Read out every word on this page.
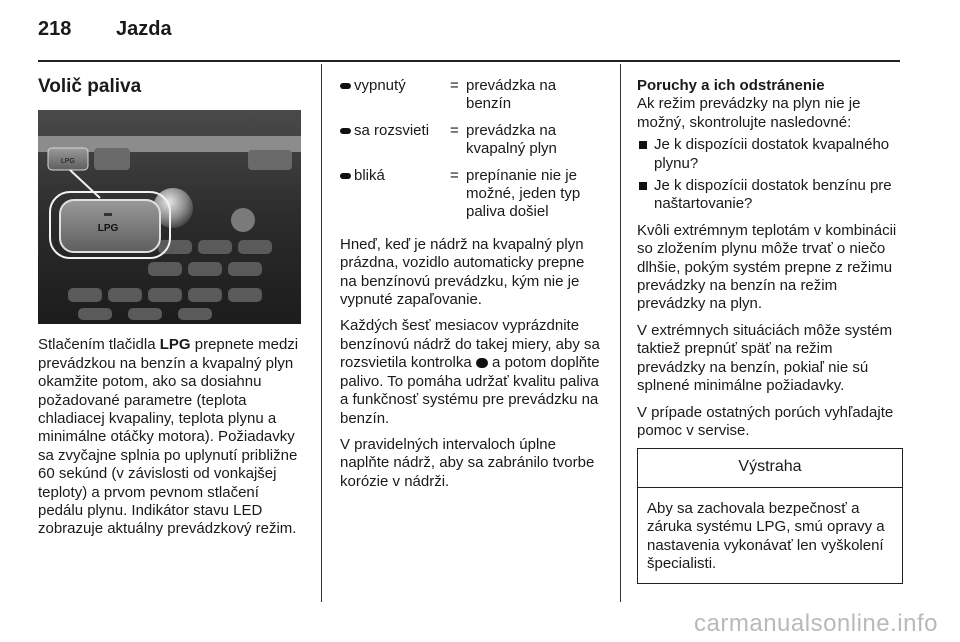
218 Jazda

Volič paliva

LPG
LPG

Stlačením tlačidla LPG prepnete medzi prevádzkou na benzín a kvapalný plyn okamžite potom, ako sa dosiahnu požadované parametre (teplota chladiacej kvapaliny, teplota plynu a minimálne otáčky motora). Požiadavky sa zvyčajne splnia po uplynutí približne 60 sekúnd (v závislosti od vonkajšej teploty) a prvom pevnom stlačení pedálu plynu. Indikátor stavu LED zobrazuje aktuálny prevádzkový režim.

vypnutý	=	prevádzka na benzín
sa rozsvieti	=	prevádzka na kvapalný plyn
bliká	=	prepínanie nie je možné, jeden typ paliva došiel

Hneď, keď je nádrž na kvapalný plyn prázdna, vozidlo automaticky prepne na benzínovú prevádzku, kým nie je vypnuté zapaľovanie.

Každých šesť mesiacov vyprázdnite benzínovú nádrž do takej miery, aby sa rozsvietila kontrolka  a potom doplňte palivo. To pomáha udržať kvalitu paliva a funkčnosť systému pre prevádzku na benzín.

V pravidelných intervaloch úplne naplňte nádrž, aby sa zabránilo tvorbe korózie v nádrži.

Poruchy a ich odstránenie

Ak režim prevádzky na plyn nie je možný, skontrolujte nasledovné:

Je k dispozícii dostatok kvapalného plynu?

Je k dispozícii dostatok benzínu pre naštartovanie?

Kvôli extrémnym teplotám v kombinácii so zložením plynu môže trvať o niečo dlhšie, pokým systém prepne z režimu prevádzky na benzín na režim prevádzky na plyn.

V extrémnych situáciách môže systém taktiež prepnúť späť na režim prevádzky na benzín, pokiaľ nie sú splnené minimálne požiadavky.

V prípade ostatných porúch vyhľadajte pomoc v servise.

Výstraha
Aby sa zachovala bezpečnosť a záruka systému LPG, smú opravy a nastavenia vykonávať len vyškolení špecialisti.
carmanualsonline.info
